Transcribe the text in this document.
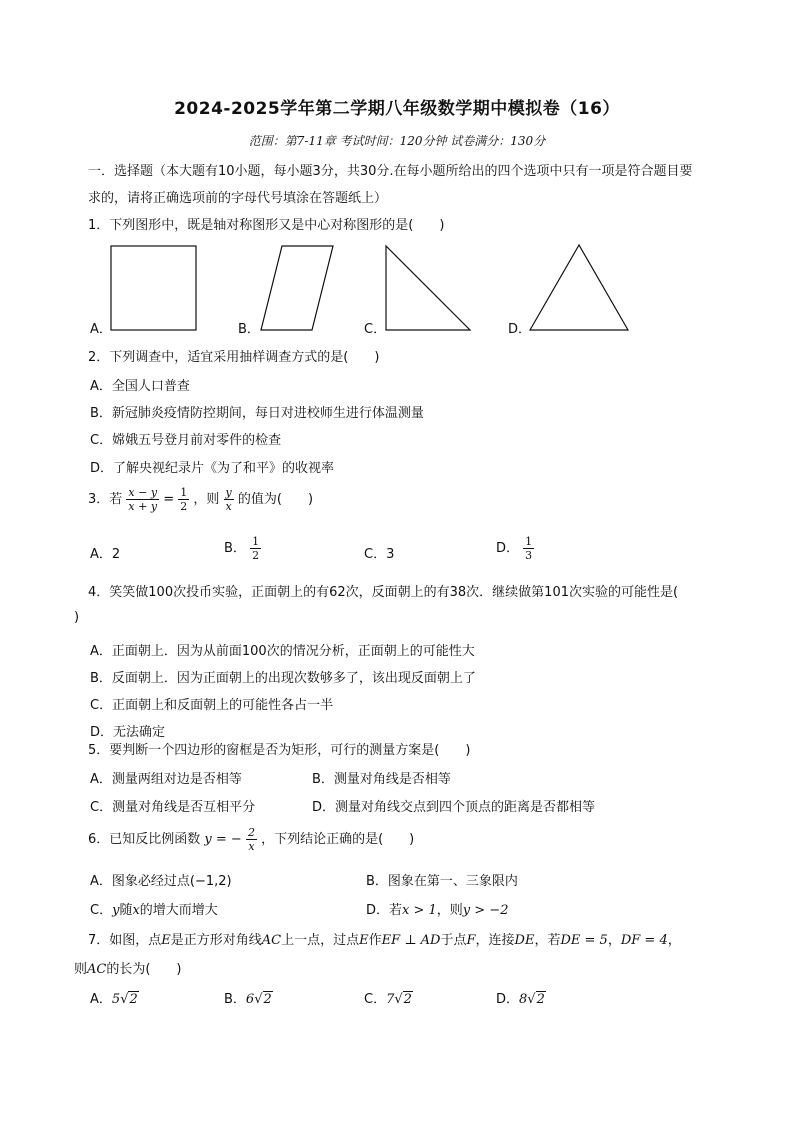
2024-2025学年第二学期八年级数学期中模拟卷（16）
范围：第7-11章 考试时间：120分钟 试卷满分：130分
一．选择题（本大题有10小题，每小题3分，共30分.在每小题所给出的四个选项中只有一项是符合题目要
求的，请将正确选项前的字母代号填涂在答题纸上）
1．下列图形中，既是轴对称图形又是中心对称图形的是(　　)
A．	B．	C．	D．
2．下列调查中，适宜采用抽样调查方式的是(　　)
A．全国人口普查
B．新冠肺炎疫情防控期间，每日对进校师生进行体温测量
C．嫦娥五号登月前对零件的检查
D．了解央视纪录片《为了和平》的收视率
3．若 $\frac{x - y}{x + y} = \frac{1}{2}$ ，则 $\frac{y}{x}$ 的值为(　　)
A．2	B． $\frac{1}{2}$	C．3	D． $\frac{1}{3}$
4．笑笑做100次投币实验，正面朝上的有62次，反面朝上的有38次．继续做第101次实验的可能性是(
)
A．正面朝上．因为从前面100次的情况分析，正面朝上的可能性大
B．反面朝上．因为正面朝上的出现次数够多了，该出现反面朝上了
C．正面朝上和反面朝上的可能性各占一半
D．无法确定
5．要判断一个四边形的窗框是否为矩形，可行的测量方案是(　　)
A．测量两组对边是否相等	B．测量对角线是否相等
C．测量对角线是否互相平分	D．测量对角线交点到四个顶点的距离是否都相等
6．已知反比例函数 y = − $\frac{2}{x}$ ，下列结论正确的是(　　)
A．图象必经过点(−1,2)	B．图象在第一、三象限内
C．y随x的增大而增大	D．若x > 1，则y > −2
7．如图，点E是正方形对角线AC上一点，过点E作EF ⊥ AD于点F，连接DE，若DE = 5，DF = 4，
则AC的长为(　　)
A．5√2	B．6√2	C．7√2	D．8√2
